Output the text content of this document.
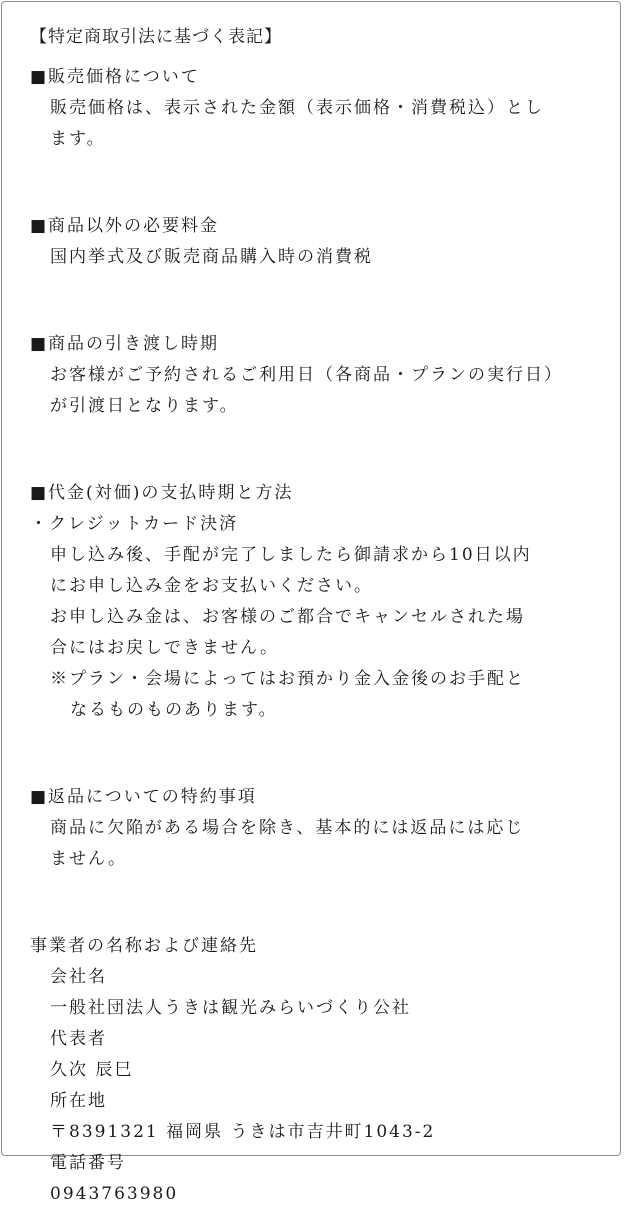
【特定商取引法に基づく表記】
■販売価格について
販売価格は、表示された金額（表示価格・消費税込）とし
ます。
■商品以外の必要料金
国内挙式及び販売商品購入時の消費税
■商品の引き渡し時期
お客様がご予約されるご利用日（各商品・プランの実行日）
が引渡日となります。
■代金(対価)の支払時期と方法
・クレジットカード決済
申し込み後、手配が完了しましたら御請求から10日以内
にお申し込み金をお支払いください。
お申し込み金は、お客様のご都合でキャンセルされた場
合にはお戻しできません。
※プラン・会場によってはお預かり金入金後のお手配と
なるものものあります。
■返品についての特約事項
商品に欠陥がある場合を除き、基本的には返品には応じ
ません。
事業者の名称および連絡先
会社名
一般社団法人うきは観光みらいづくり公社
代表者
久次 辰巳
所在地
〒8391321 福岡県 うきは市吉井町1043-2
電話番号
0943763980
